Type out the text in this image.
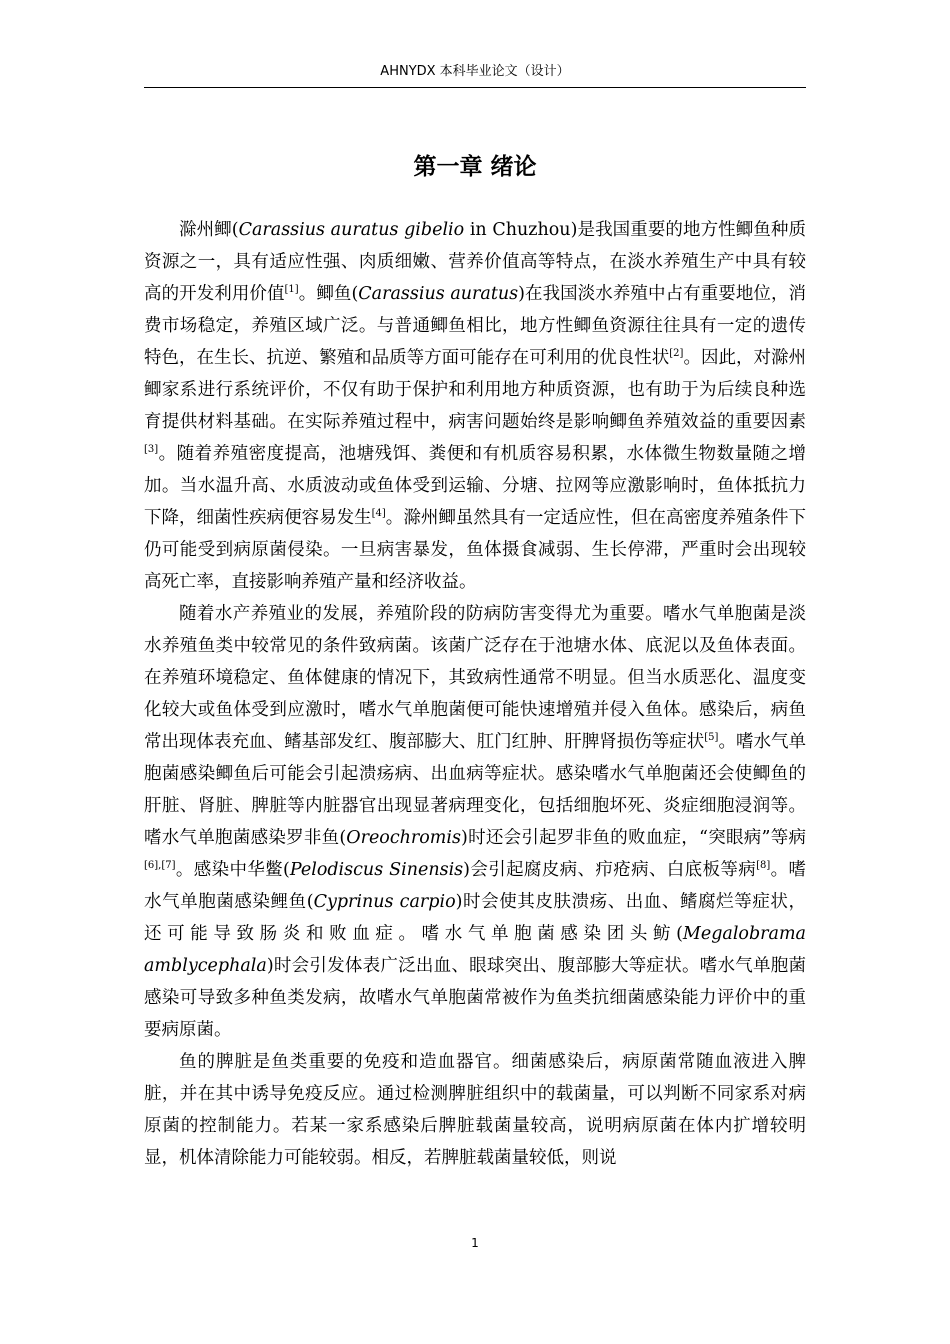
AHNYDX 本科毕业论文（设计）
第一章 绪论

滁州鲫(Carassius auratus gibelio in Chuzhou)是我国重要的地方性鲫鱼种质资源之一，具有适应性强、肉质细嫩、营养价值高等特点，在淡水养殖生产中具有较高的开发利用价值[1]。鲫鱼(Carassius auratus)在我国淡水养殖中占有重要地位，消费市场稳定，养殖区域广泛。与普通鲫鱼相比，地方性鲫鱼资源往往具有一定的遗传特色，在生长、抗逆、繁殖和品质等方面可能存在可利用的优良性状[2]。因此，对滁州鲫家系进行系统评价，不仅有助于保护和利用地方种质资源，也有助于为后续良种选育提供材料基础。在实际养殖过程中，病害问题始终是影响鲫鱼养殖效益的重要因素[3]。随着养殖密度提高，池塘残饵、粪便和有机质容易积累，水体微生物数量随之增加。当水温升高、水质波动或鱼体受到运输、分塘、拉网等应激影响时，鱼体抵抗力下降，细菌性疾病便容易发生[4]。滁州鲫虽然具有一定适应性，但在高密度养殖条件下仍可能受到病原菌侵染。一旦病害暴发，鱼体摄食减弱、生长停滞，严重时会出现较高死亡率，直接影响养殖产量和经济收益。

随着水产养殖业的发展，养殖阶段的防病防害变得尤为重要。嗜水气单胞菌是淡水养殖鱼类中较常见的条件致病菌。该菌广泛存在于池塘水体、底泥以及鱼体表面。在养殖环境稳定、鱼体健康的情况下，其致病性通常不明显。但当水质恶化、温度变化较大或鱼体受到应激时，嗜水气单胞菌便可能快速增殖并侵入鱼体。感染后，病鱼常出现体表充血、鳍基部发红、腹部膨大、肛门红肿、肝脾肾损伤等症状[5]。嗜水气单胞菌感染鲫鱼后可能会引起溃疡病、出血病等症状。感染嗜水气单胞菌还会使鲫鱼的肝脏、肾脏、脾脏等内脏器官出现显著病理变化，包括细胞坏死、炎症细胞浸润等。嗜水气单胞菌感染罗非鱼(Oreochromis)时还会引起罗非鱼的败血症，“突眼病”等病[6],[7]。感染中华鳖(Pelodiscus Sinensis)会引起腐皮病、疖疮病、白底板等病[8]。嗜水气单胞菌感染鲤鱼(Cyprinus carpio)时会使其皮肤溃疡、出血、鳍腐烂等症状，还可能导致肠炎和败血症。嗜水气单胞菌感染团头鲂(Megalobrama amblycephala)时会引发体表广泛出血、眼球突出、腹部膨大等症状。嗜水气单胞菌感染可导致多种鱼类发病，故嗜水气单胞菌常被作为鱼类抗细菌感染能力评价中的重要病原菌。

鱼的脾脏是鱼类重要的免疫和造血器官。细菌感染后，病原菌常随血液进入脾脏，并在其中诱导免疫反应。通过检测脾脏组织中的载菌量，可以判断不同家系对病原菌的控制能力。若某一家系感染后脾脏载菌量较高，说明病原菌在体内扩增较明显，机体清除能力可能较弱。相反，若脾脏载菌量较低，则说

1
